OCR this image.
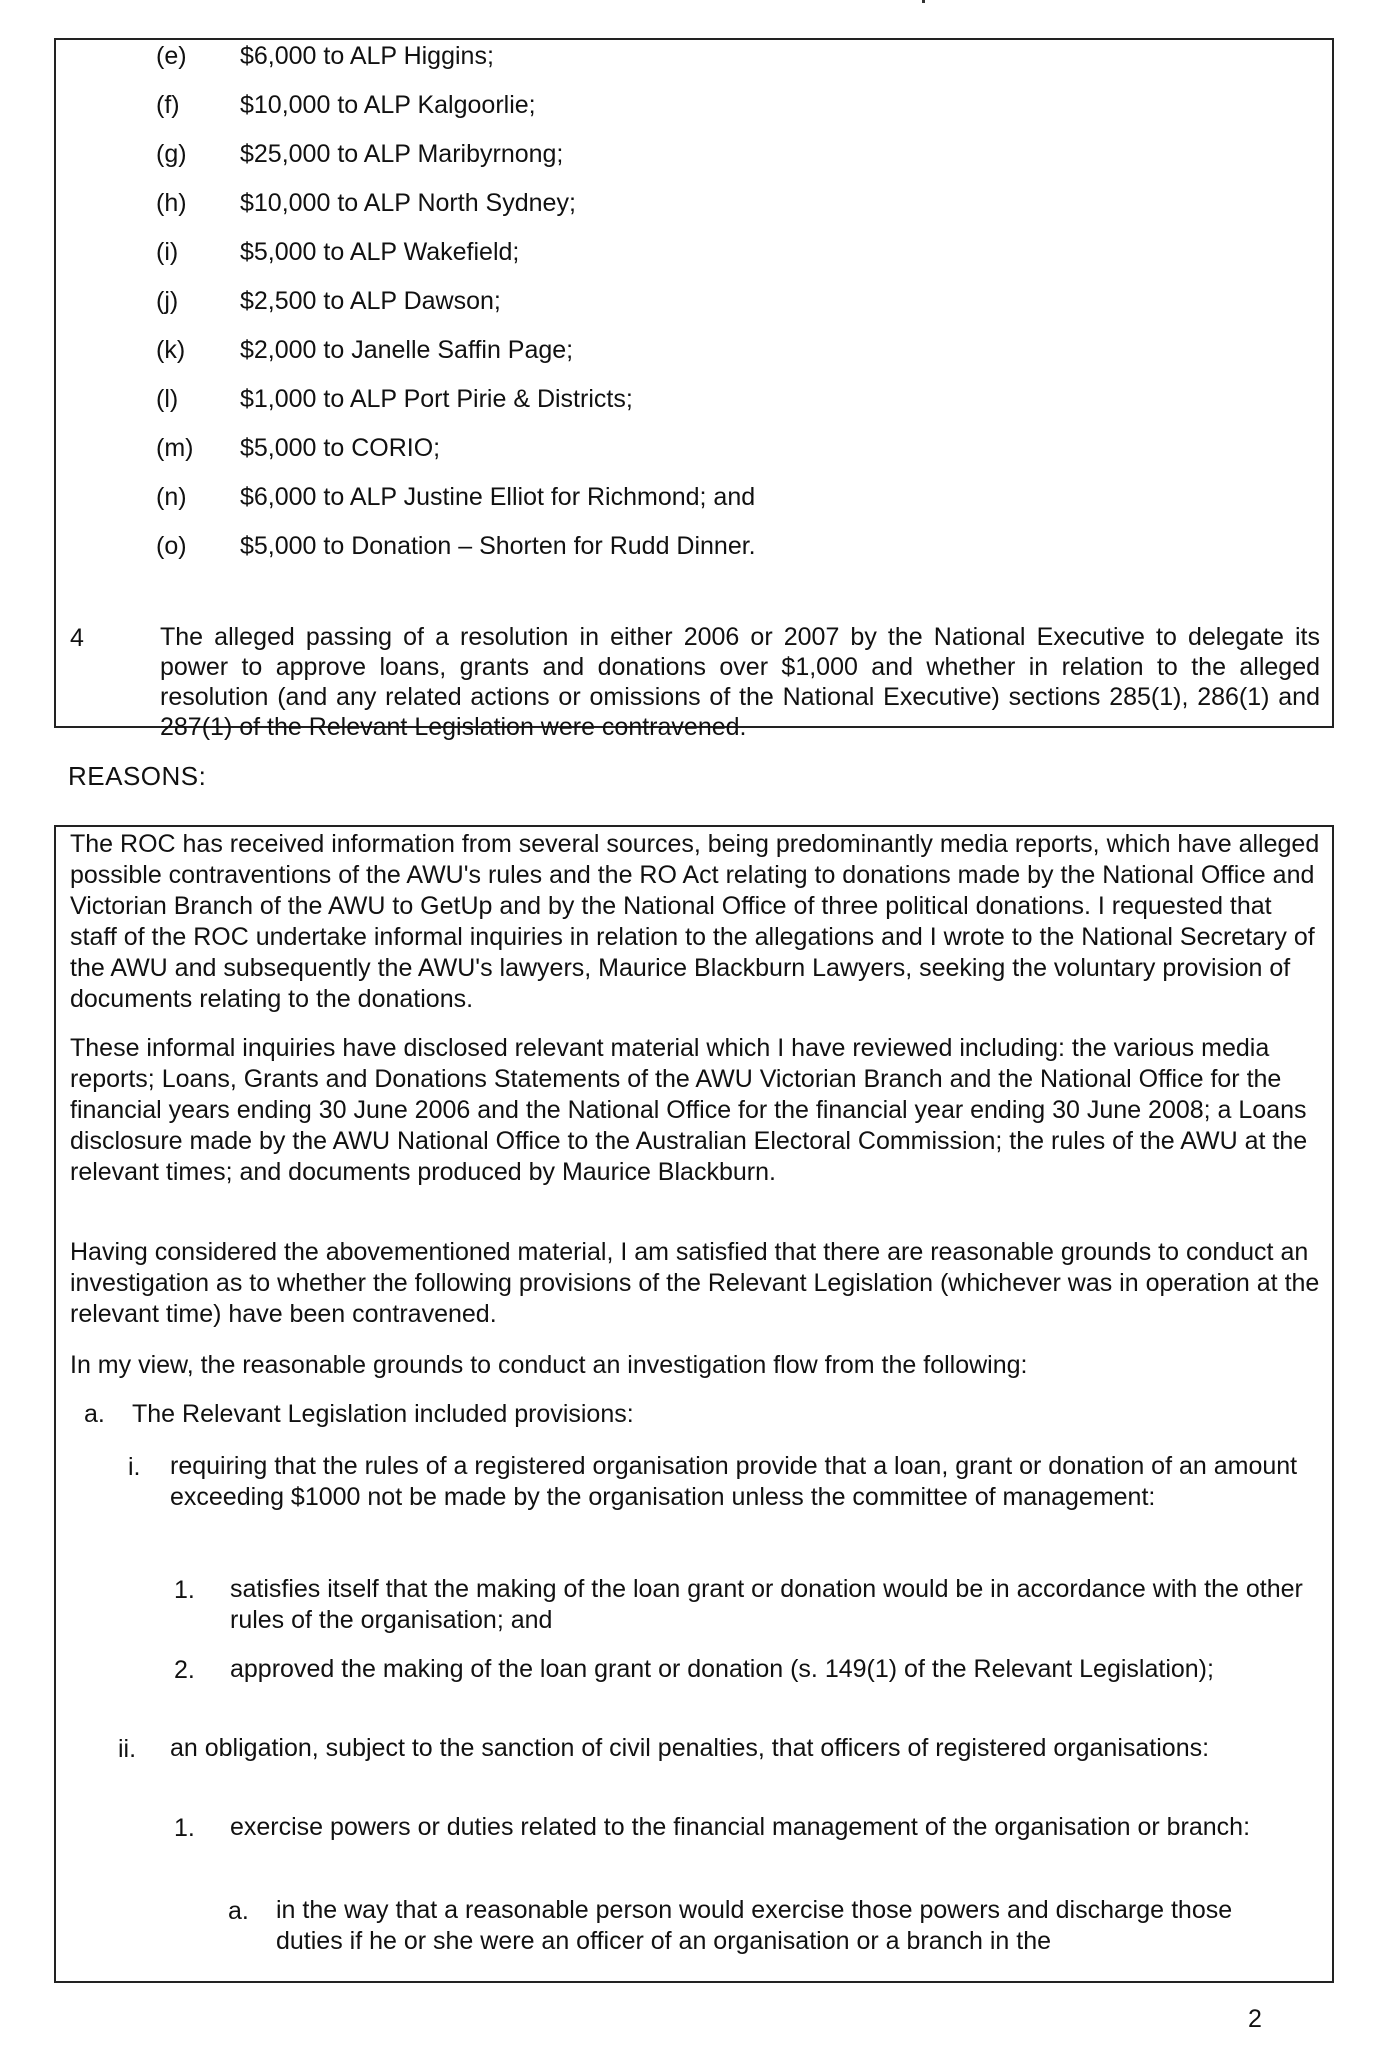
(e) $6,000 to ALP Higgins;
(f) $10,000 to ALP Kalgoorlie;
(g) $25,000 to ALP Maribyrnong;
(h) $10,000 to ALP North Sydney;
(i) $5,000 to ALP Wakefield;
(j) $2,500 to ALP Dawson;
(k) $2,000 to Janelle Saffin Page;
(l) $1,000 to ALP Port Pirie & Districts;
(m) $5,000 to CORIO;
(n) $6,000 to ALP Justine Elliot for Richmond; and
(o) $5,000 to Donation – Shorten for Rudd Dinner.
4	The alleged passing of a resolution in either 2006 or 2007 by the National Executive to delegate its power to approve loans, grants and donations over $1,000 and whether in relation to the alleged resolution (and any related actions or omissions of the National Executive) sections 285(1), 286(1) and 287(1) of the Relevant Legislation were contravened.
REASONS:
The ROC has received information from several sources, being predominantly media reports, which have alleged possible contraventions of the AWU's rules and the RO Act relating to donations made by the National Office and Victorian Branch of the AWU to GetUp and by the National Office of three political donations. I requested that staff of the ROC undertake informal inquiries in relation to the allegations and I wrote to the National Secretary of the AWU and subsequently the AWU's lawyers, Maurice Blackburn Lawyers, seeking the voluntary provision of documents relating to the donations.
These informal inquiries have disclosed relevant material which I have reviewed including: the various media reports; Loans, Grants and Donations Statements of the AWU Victorian Branch and the National Office for the financial years ending 30 June 2006 and the National Office for the financial year ending 30 June 2008; a Loans disclosure made by the AWU National Office to the Australian Electoral Commission; the rules of the AWU at the relevant times; and documents produced by Maurice Blackburn.
Having considered the abovementioned material, I am satisfied that there are reasonable grounds to conduct an investigation as to whether the following provisions of the Relevant Legislation (whichever was in operation at the relevant time) have been contravened.
In my view, the reasonable grounds to conduct an investigation flow from the following:
a. The Relevant Legislation included provisions:
i. requiring that the rules of a registered organisation provide that a loan, grant or donation of an amount exceeding $1000 not be made by the organisation unless the committee of management:
1. satisfies itself that the making of the loan grant or donation would be in accordance with the other rules of the organisation; and
2. approved the making of the loan grant or donation (s. 149(1) of the Relevant Legislation);
ii. an obligation, subject to the sanction of civil penalties, that officers of registered organisations:
1. exercise powers or duties related to the financial management of the organisation or branch:
a. in the way that a reasonable person would exercise those powers and discharge those duties if he or she were an officer of an organisation or a branch in the
2
